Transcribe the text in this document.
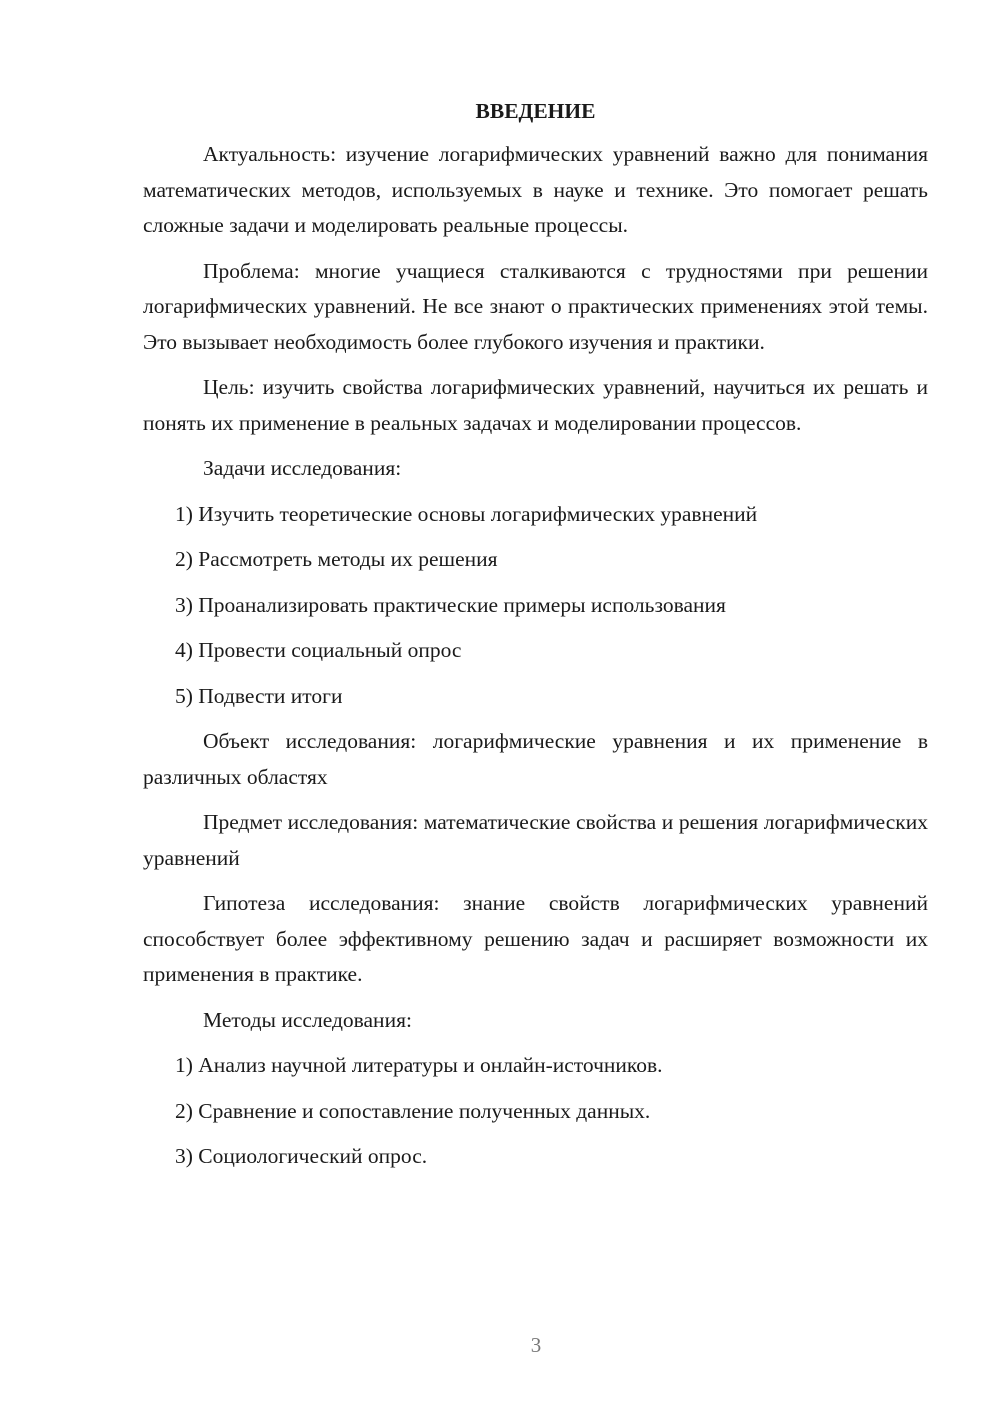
ВВЕДЕНИЕ

Актуальность: изучение логарифмических уравнений важно для понимания математических методов, используемых в науке и технике. Это помогает решать сложные задачи и моделировать реальные процессы.

Проблема: многие учащиеся сталкиваются с трудностями при решении логарифмических уравнений. Не все знают о практических применениях этой темы. Это вызывает необходимость более глубокого изучения и практики.

Цель: изучить свойства логарифмических уравнений, научиться их решать и понять их применение в реальных задачах и моделировании процессов.

Задачи исследования:

1) Изучить теоретические основы логарифмических уравнений
2) Рассмотреть методы их решения
3) Проанализировать практические примеры использования
4) Провести социальный опрос
5) Подвести итоги

Объект исследования: логарифмические уравнения и их применение в различных областях

Предмет исследования: математические свойства и решения логарифмических уравнений

Гипотеза исследования: знание свойств логарифмических уравнений способствует более эффективному решению задач и расширяет возможности их применения в практике.

Методы исследования:

1) Анализ научной литературы и онлайн-источников.
2) Сравнение и сопоставление полученных данных.
3) Социологический опрос.
3
